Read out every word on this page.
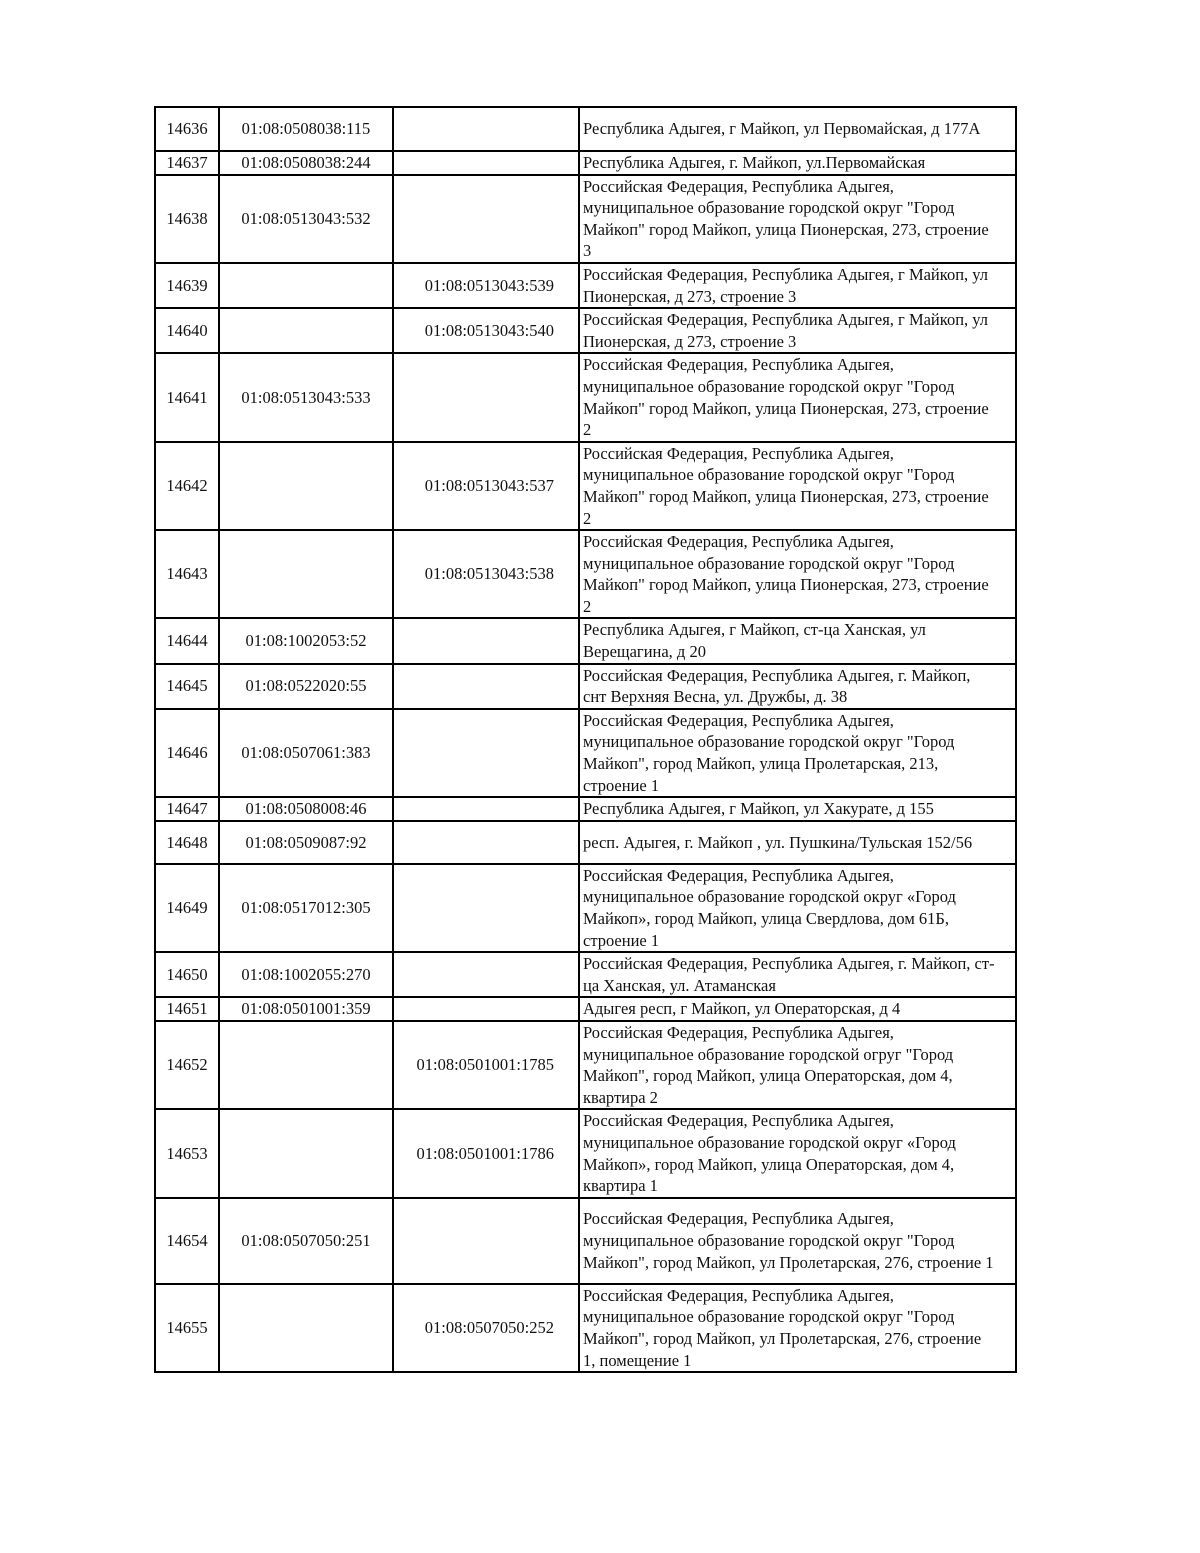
14636	01:08:0508038:115		Республика Адыгея, г Майкоп, ул Первомайская, д 177А
14637	01:08:0508038:244		Республика Адыгея, г. Майкоп, ул.Первомайская
14638	01:08:0513043:532		Российская Федерация, Республика Адыгея,
муниципальное образование городской округ "Город
Майкоп" город Майкоп, улица Пионерская, 273, строение
3
14639		01:08:0513043:539	Российская Федерация, Республика Адыгея, г Майкоп, ул
Пионерская, д 273, строение 3
14640		01:08:0513043:540	Российская Федерация, Республика Адыгея, г Майкоп, ул
Пионерская, д 273, строение 3
14641	01:08:0513043:533		Российская Федерация, Республика Адыгея,
муниципальное образование городской округ "Город
Майкоп" город Майкоп, улица Пионерская, 273, строение
2
14642		01:08:0513043:537	Российская Федерация, Республика Адыгея,
муниципальное образование городской округ "Город
Майкоп" город Майкоп, улица Пионерская, 273, строение
2
14643		01:08:0513043:538	Российская Федерация, Республика Адыгея,
муниципальное образование городской округ "Город
Майкоп" город Майкоп, улица Пионерская, 273, строение
2
14644	01:08:1002053:52		Республика Адыгея, г Майкоп, ст-ца Ханская, ул
Верещагина, д 20
14645	01:08:0522020:55		Российская Федерация, Республика Адыгея, г. Майкоп,
снт Верхняя Весна, ул. Дружбы, д. 38
14646	01:08:0507061:383		Российская Федерация, Республика Адыгея,
муниципальное образование городской округ "Город
Майкоп", город Майкоп, улица Пролетарская, 213,
строение 1
14647	01:08:0508008:46		Республика Адыгея, г Майкоп, ул Хакурате, д 155
14648	01:08:0509087:92		респ. Адыгея, г. Майкоп , ул. Пушкина/Тульская 152/56
14649	01:08:0517012:305		Российская Федерация, Республика Адыгея,
муниципальное образование городской округ «Город
Майкоп», город Майкоп, улица Свердлова, дом 61Б,
строение 1
14650	01:08:1002055:270		Российская Федерация, Республика Адыгея, г. Майкоп, ст-
ца Ханская, ул. Атаманская
14651	01:08:0501001:359		Адыгея респ, г Майкоп, ул Операторская, д 4
14652		01:08:0501001:1785	Российская Федерация, Республика Адыгея,
муниципальное образование городской огруг "Город
Майкоп", город Майкоп, улица Операторская, дом 4,
квартира 2
14653		01:08:0501001:1786	Российская Федерация, Республика Адыгея,
муниципальное образование городской округ «Город
Майкоп», город Майкоп, улица Операторская, дом 4,
квартира 1
14654	01:08:0507050:251		Российская Федерация, Республика Адыгея,
муниципальное образование городской округ "Город
Майкоп", город Майкоп, ул Пролетарская, 276, строение 1
14655		01:08:0507050:252	Российская Федерация, Республика Адыгея,
муниципальное образование городской округ "Город
Майкоп", город Майкоп, ул Пролетарская, 276, строение
1, помещение 1
